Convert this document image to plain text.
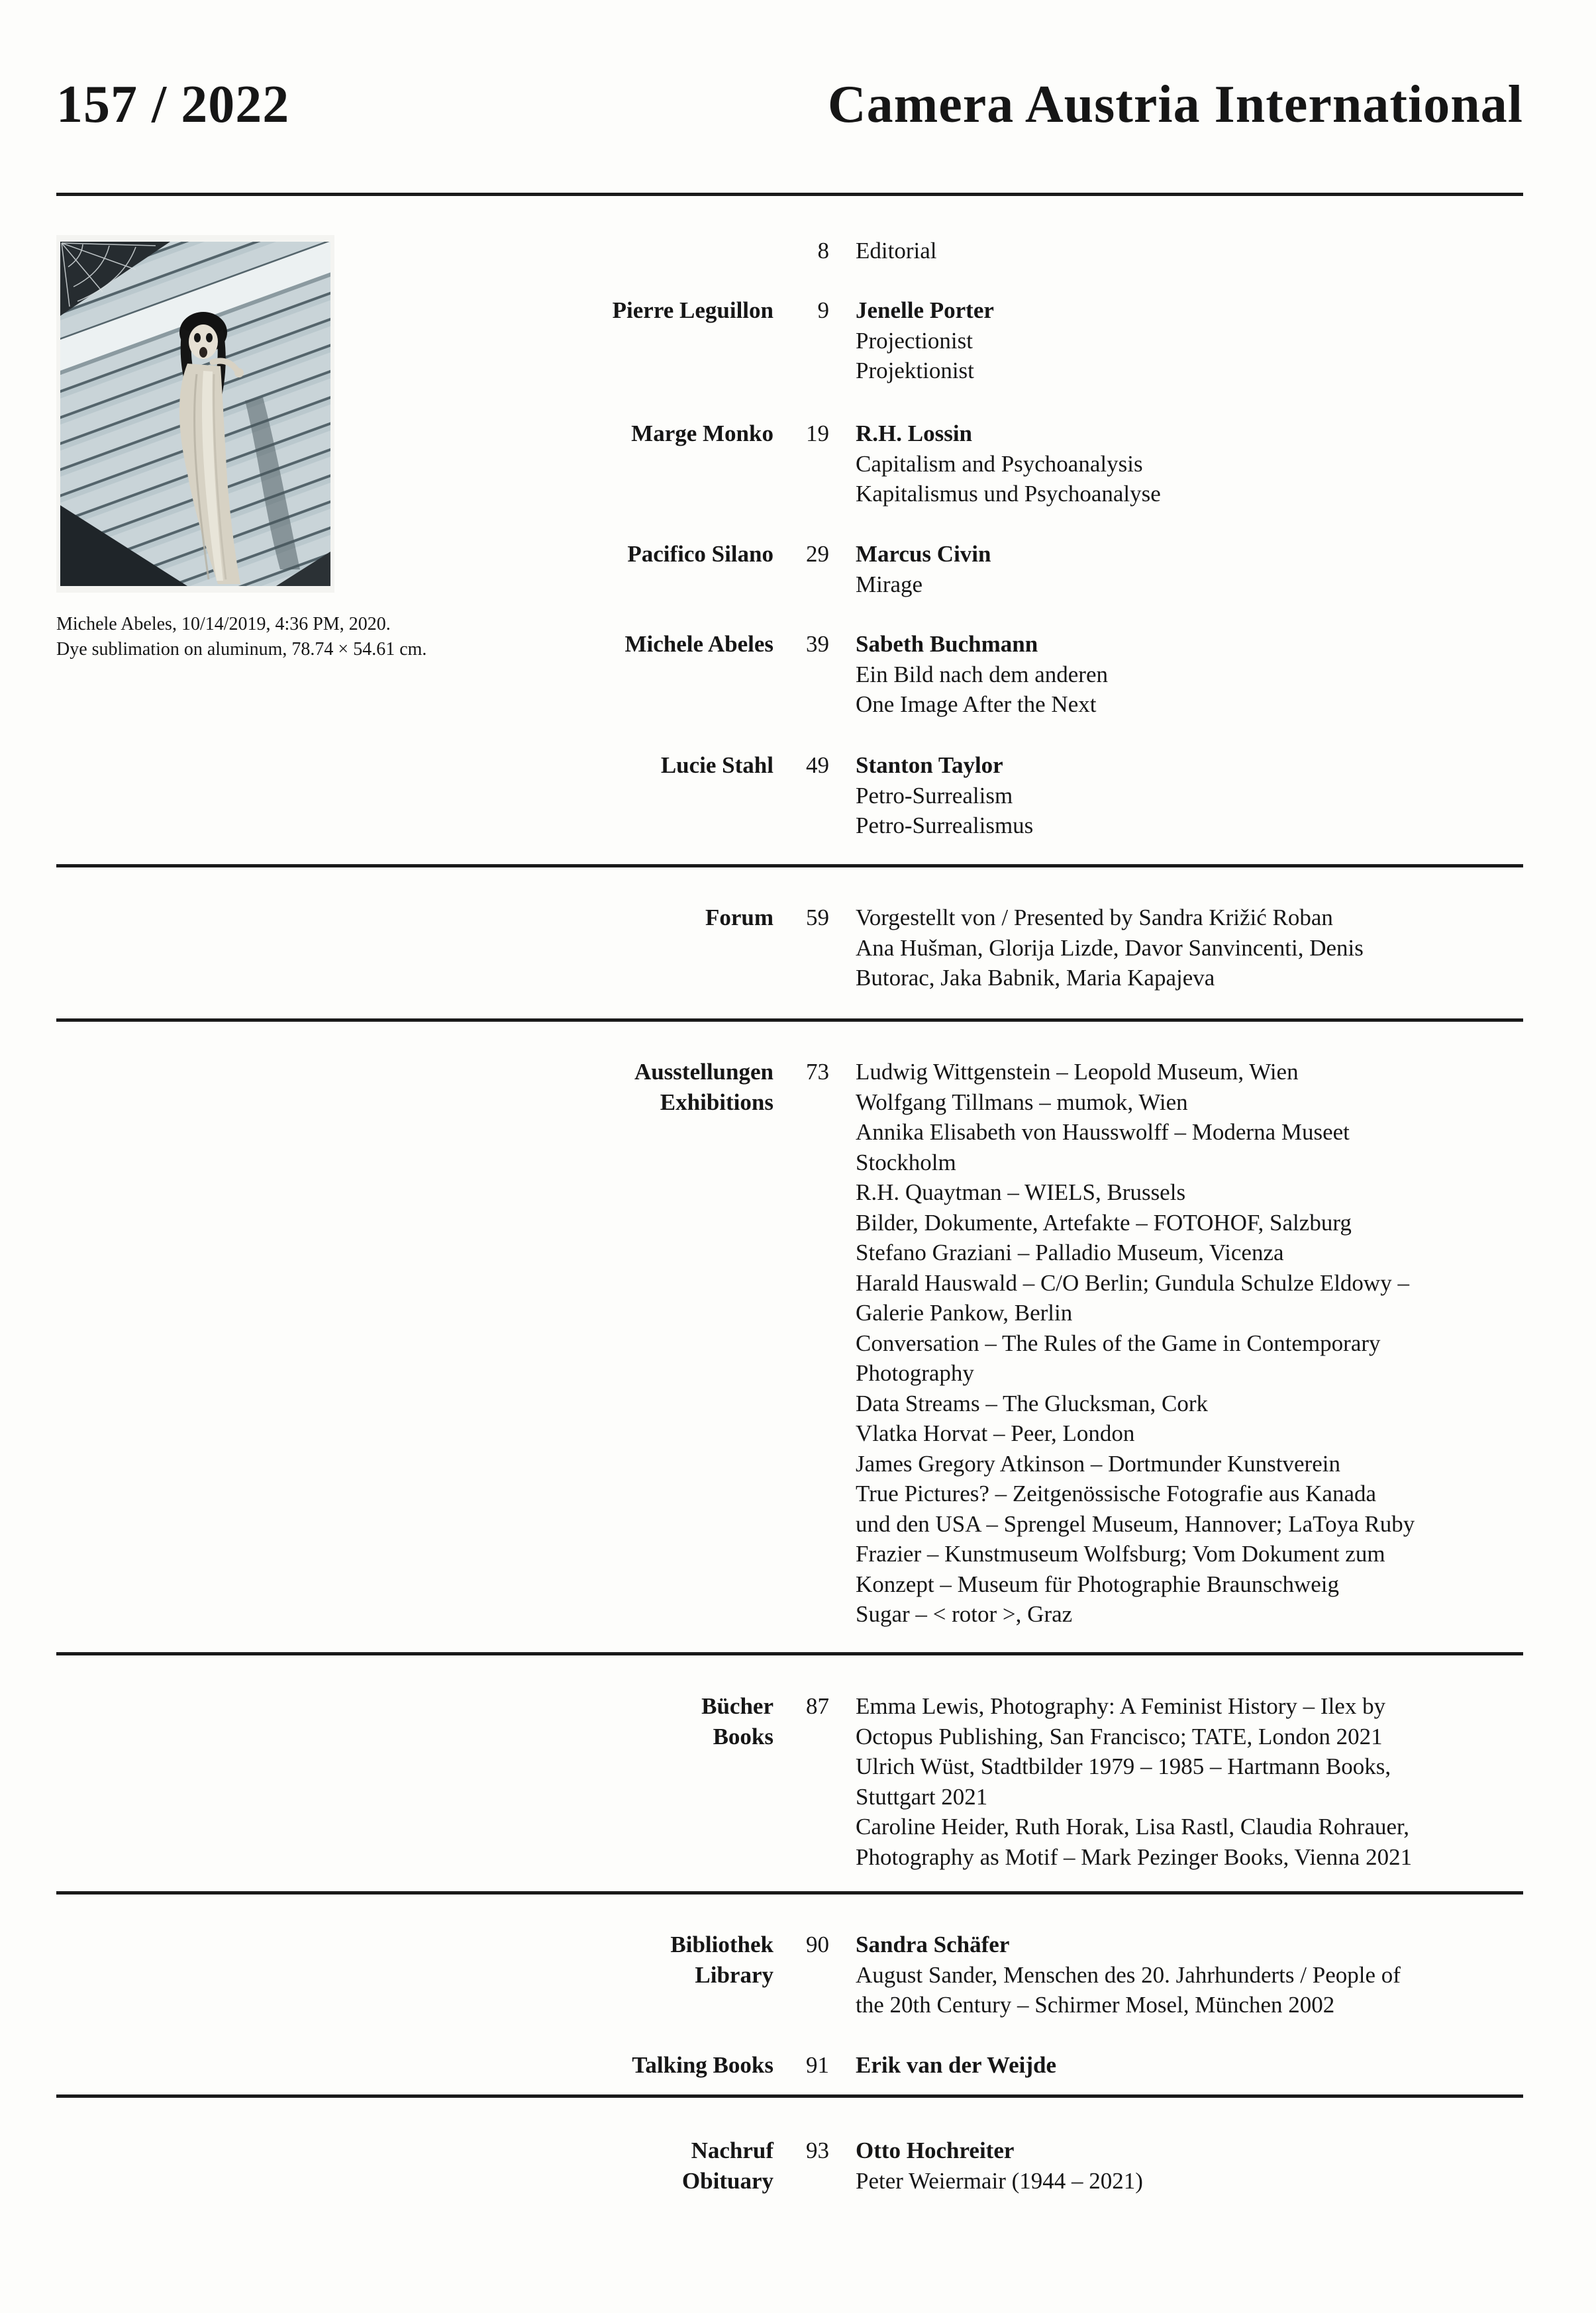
157 / 2022	Camera Austria International
Michele Abeles, 10/14/2019, 4:36 PM, 2020.
Dye sublimation on aluminum, 78.74 × 54.61 cm.
8 Editorial
Pierre Leguillon	9 Jenelle Porter
Projectionist
Projektionist
Marge Monko	19 R.H. Lossin
Capitalism and Psychoanalysis
Kapitalismus und Psychoanalyse
Pacifico Silano	29 Marcus Civin
Mirage
Michele Abeles	39 Sabeth Buchmann
Ein Bild nach dem anderen
One Image After the Next
Lucie Stahl	49 Stanton Taylor
Petro-Surrealism
Petro-Surrealismus
Forum	59 Vorgestellt von / Presented by Sandra Križić Roban
Ana Hušman, Glorija Lizde, Davor Sanvincenti, Denis
Butorac, Jaka Babnik, Maria Kapajeva
Ausstellungen
Exhibitions
73 Ludwig Wittgenstein – Leopold Museum, Wien
Wolfgang Tillmans – mumok, Wien
Annika Elisabeth von Hausswolff – Moderna Museet
Stockholm
R.H. Quaytman – WIELS, Brussels
Bilder, Dokumente, Artefakte – FOTOHOF, Salzburg
Stefano Graziani – Palladio Museum, Vicenza
Harald Hauswald – C/O Berlin; Gundula Schulze Eldowy –
Galerie Pankow, Berlin
Conversation – The Rules of the Game in Contemporary
Photography
Data Streams – The Glucksman, Cork
Vlatka Horvat – Peer, London
James Gregory Atkinson – Dortmunder Kunstverein
True Pictures? – Zeitgenössische Fotografie aus Kanada
und den USA – Sprengel Museum, Hannover; LaToya Ruby
Frazier – Kunstmuseum Wolfsburg; Vom Dokument zum
Konzept – Museum für Photographie Braunschweig
Sugar – < rotor >, Graz
Bücher
Books
87 Emma Lewis, Photography: A Feminist History – Ilex by
Octopus Publishing, San Francisco; TATE, London 2021
Ulrich Wüst, Stadtbilder 1979 – 1985 – Hartmann Books,
Stuttgart 2021
Caroline Heider, Ruth Horak, Lisa Rastl, Claudia Rohrauer,
Photography as Motif – Mark Pezinger Books, Vienna 2021
Bibliothek
Library
90 Sandra Schäfer
August Sander, Menschen des 20. Jahrhunderts / People of
the 20th Century – Schirmer Mosel, München 2002
Talking Books	91 Erik van der Weijde
Nachruf
Obituary
93 Otto Hochreiter
Peter Weiermair (1944 – 2021)
